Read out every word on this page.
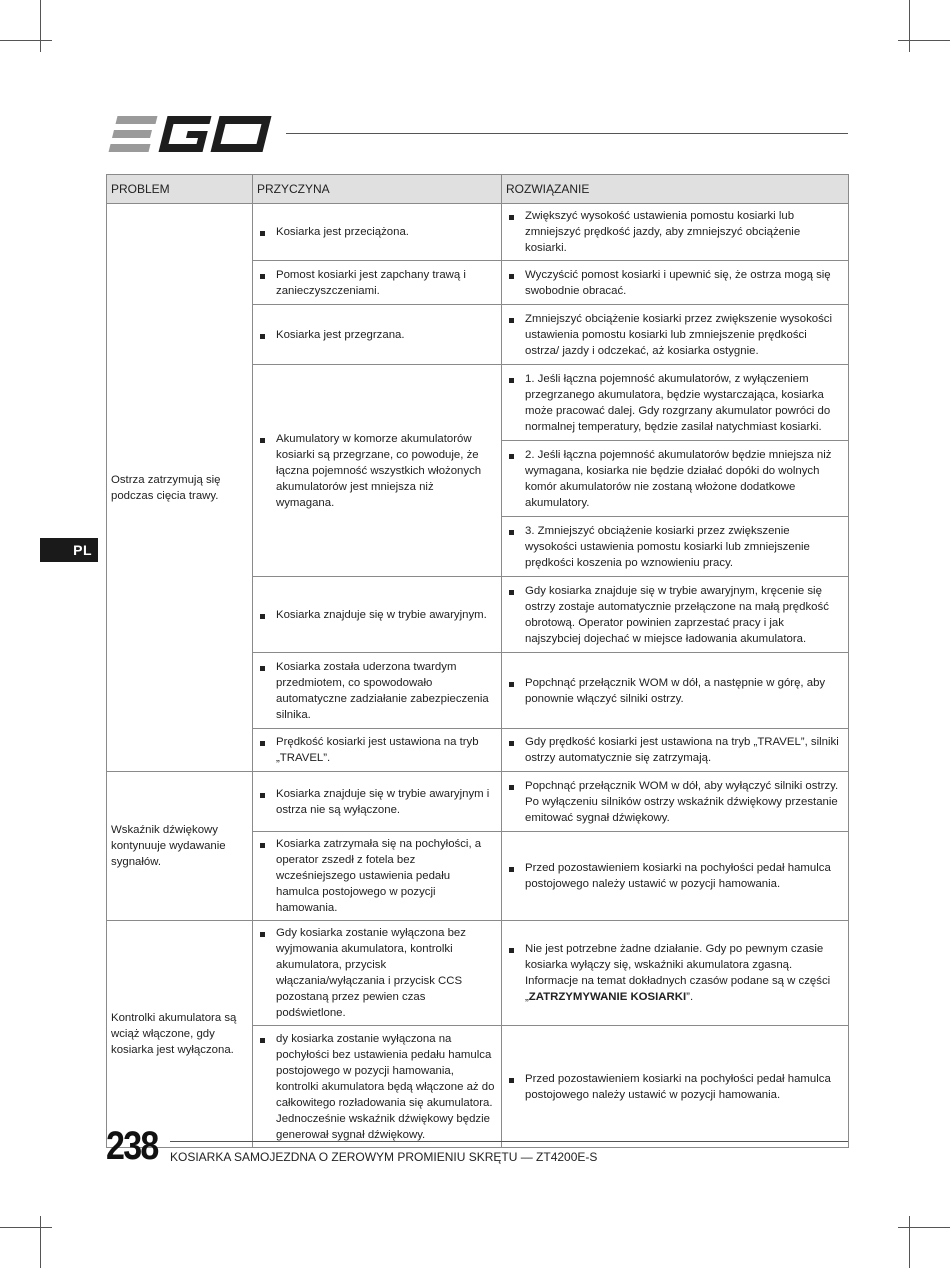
PL
PROBLEM	PRZYCZYNA	ROZWIĄZANIE
Ostrza zatrzymują się podczas cięcia trawy.	Kosiarka jest przeciążona.	Zwiększyć wysokość ustawienia pomostu kosiarki lub zmniejszyć prędkość jazdy, aby zmniejszyć obciążenie kosiarki.

	Pomost kosiarki jest zapchany trawą i zanieczyszczeniami.	Wyczyścić pomost kosiarki i upewnić się, że ostrza mogą się swobodnie obracać.

	Kosiarka jest przegrzana.	Zmniejszyć obciążenie kosiarki przez zwiększenie wysokości ustawienia pomostu kosiarki lub zmniejszenie prędkości ostrza/ jazdy i odczekać, aż kosiarka ostygnie.

	Akumulatory w komorze akumulatorów kosiarki są przegrzane, co powoduje, że łączna pojemność wszystkich włożonych akumulatorów jest mniejsza niż wymagana.	1. Jeśli łączna pojemność akumulatorów, z wyłączeniem przegrzanego akumulatora, będzie wystarczająca, kosiarka może pracować dalej. Gdy rozgrzany akumulator powróci do normalnej temperatury, będzie zasilał natychmiast kosiarki.

		2. Jeśli łączna pojemność akumulatorów będzie mniejsza niż wymagana, kosiarka nie będzie działać dopóki do wolnych komór akumulatorów nie zostaną włożone dodatkowe akumulatory.

		3. Zmniejszyć obciążenie kosiarki przez zwiększenie wysokości ustawienia pomostu kosiarki lub zmniejszenie prędkości koszenia po wznowieniu pracy.

	Kosiarka znajduje się w trybie awaryjnym.	Gdy kosiarka znajduje się w trybie awaryjnym, kręcenie się ostrzy zostaje automatycznie przełączone na małą prędkość obrotową. Operator powinien zaprzestać pracy i jak najszybciej dojechać w miejsce ładowania akumulatora.

	Kosiarka została uderzona twardym przedmiotem, co spowodowało automatyczne zadziałanie zabezpieczenia silnika.	Popchnąć przełącznik WOM w dół, a następnie w górę, aby ponownie włączyć silniki ostrzy.

	Prędkość kosiarki jest ustawiona na tryb „TRAVEL”.	Gdy prędkość kosiarki jest ustawiona na tryb „TRAVEL”, silniki ostrzy automatycznie się zatrzymają.

Wskaźnik dźwiękowy kontynuuje wydawanie sygnałów.	Kosiarka znajduje się w trybie awaryjnym i ostrza nie są wyłączone.	Popchnąć przełącznik WOM w dół, aby wyłączyć silniki ostrzy. Po wyłączeniu silników ostrzy wskaźnik dźwiękowy przestanie emitować sygnał dźwiękowy.

	Kosiarka zatrzymała się na pochyłości, a operator zszedł z fotela bez wcześniejszego ustawienia pedału hamulca postojowego w pozycji hamowania.	Przed pozostawieniem kosiarki na pochyłości pedał hamulca postojowego należy ustawić w pozycji hamowania.

Kontrolki akumulatora są wciąż włączone, gdy kosiarka jest wyłączona.	Gdy kosiarka zostanie wyłączona bez wyjmowania akumulatora, kontrolki akumulatora, przycisk włączania/wyłączania i przycisk CCS pozostaną przez pewien czas podświetlone.	Nie jest potrzebne żadne działanie. Gdy po pewnym czasie kosiarka wyłączy się, wskaźniki akumulatora zgasną. Informacje na temat dokładnych czasów podane są w części „ZATRZYMYWANIE KOSIARKI”.

	dy kosiarka zostanie wyłączona na pochyłości bez ustawienia pedału hamulca postojowego w pozycji hamowania, kontrolki akumulatora będą włączone aż do całkowitego rozładowania się akumulatora. Jednocześnie wskaźnik dźwiękowy będzie generował sygnał dźwiękowy.	Przed pozostawieniem kosiarki na pochyłości pedał hamulca postojowego należy ustawić w pozycji hamowania.
238 KOSIARKA SAMOJEZDNA O ZEROWYM PROMIENIU SKRĘTU — ZT4200E-S
